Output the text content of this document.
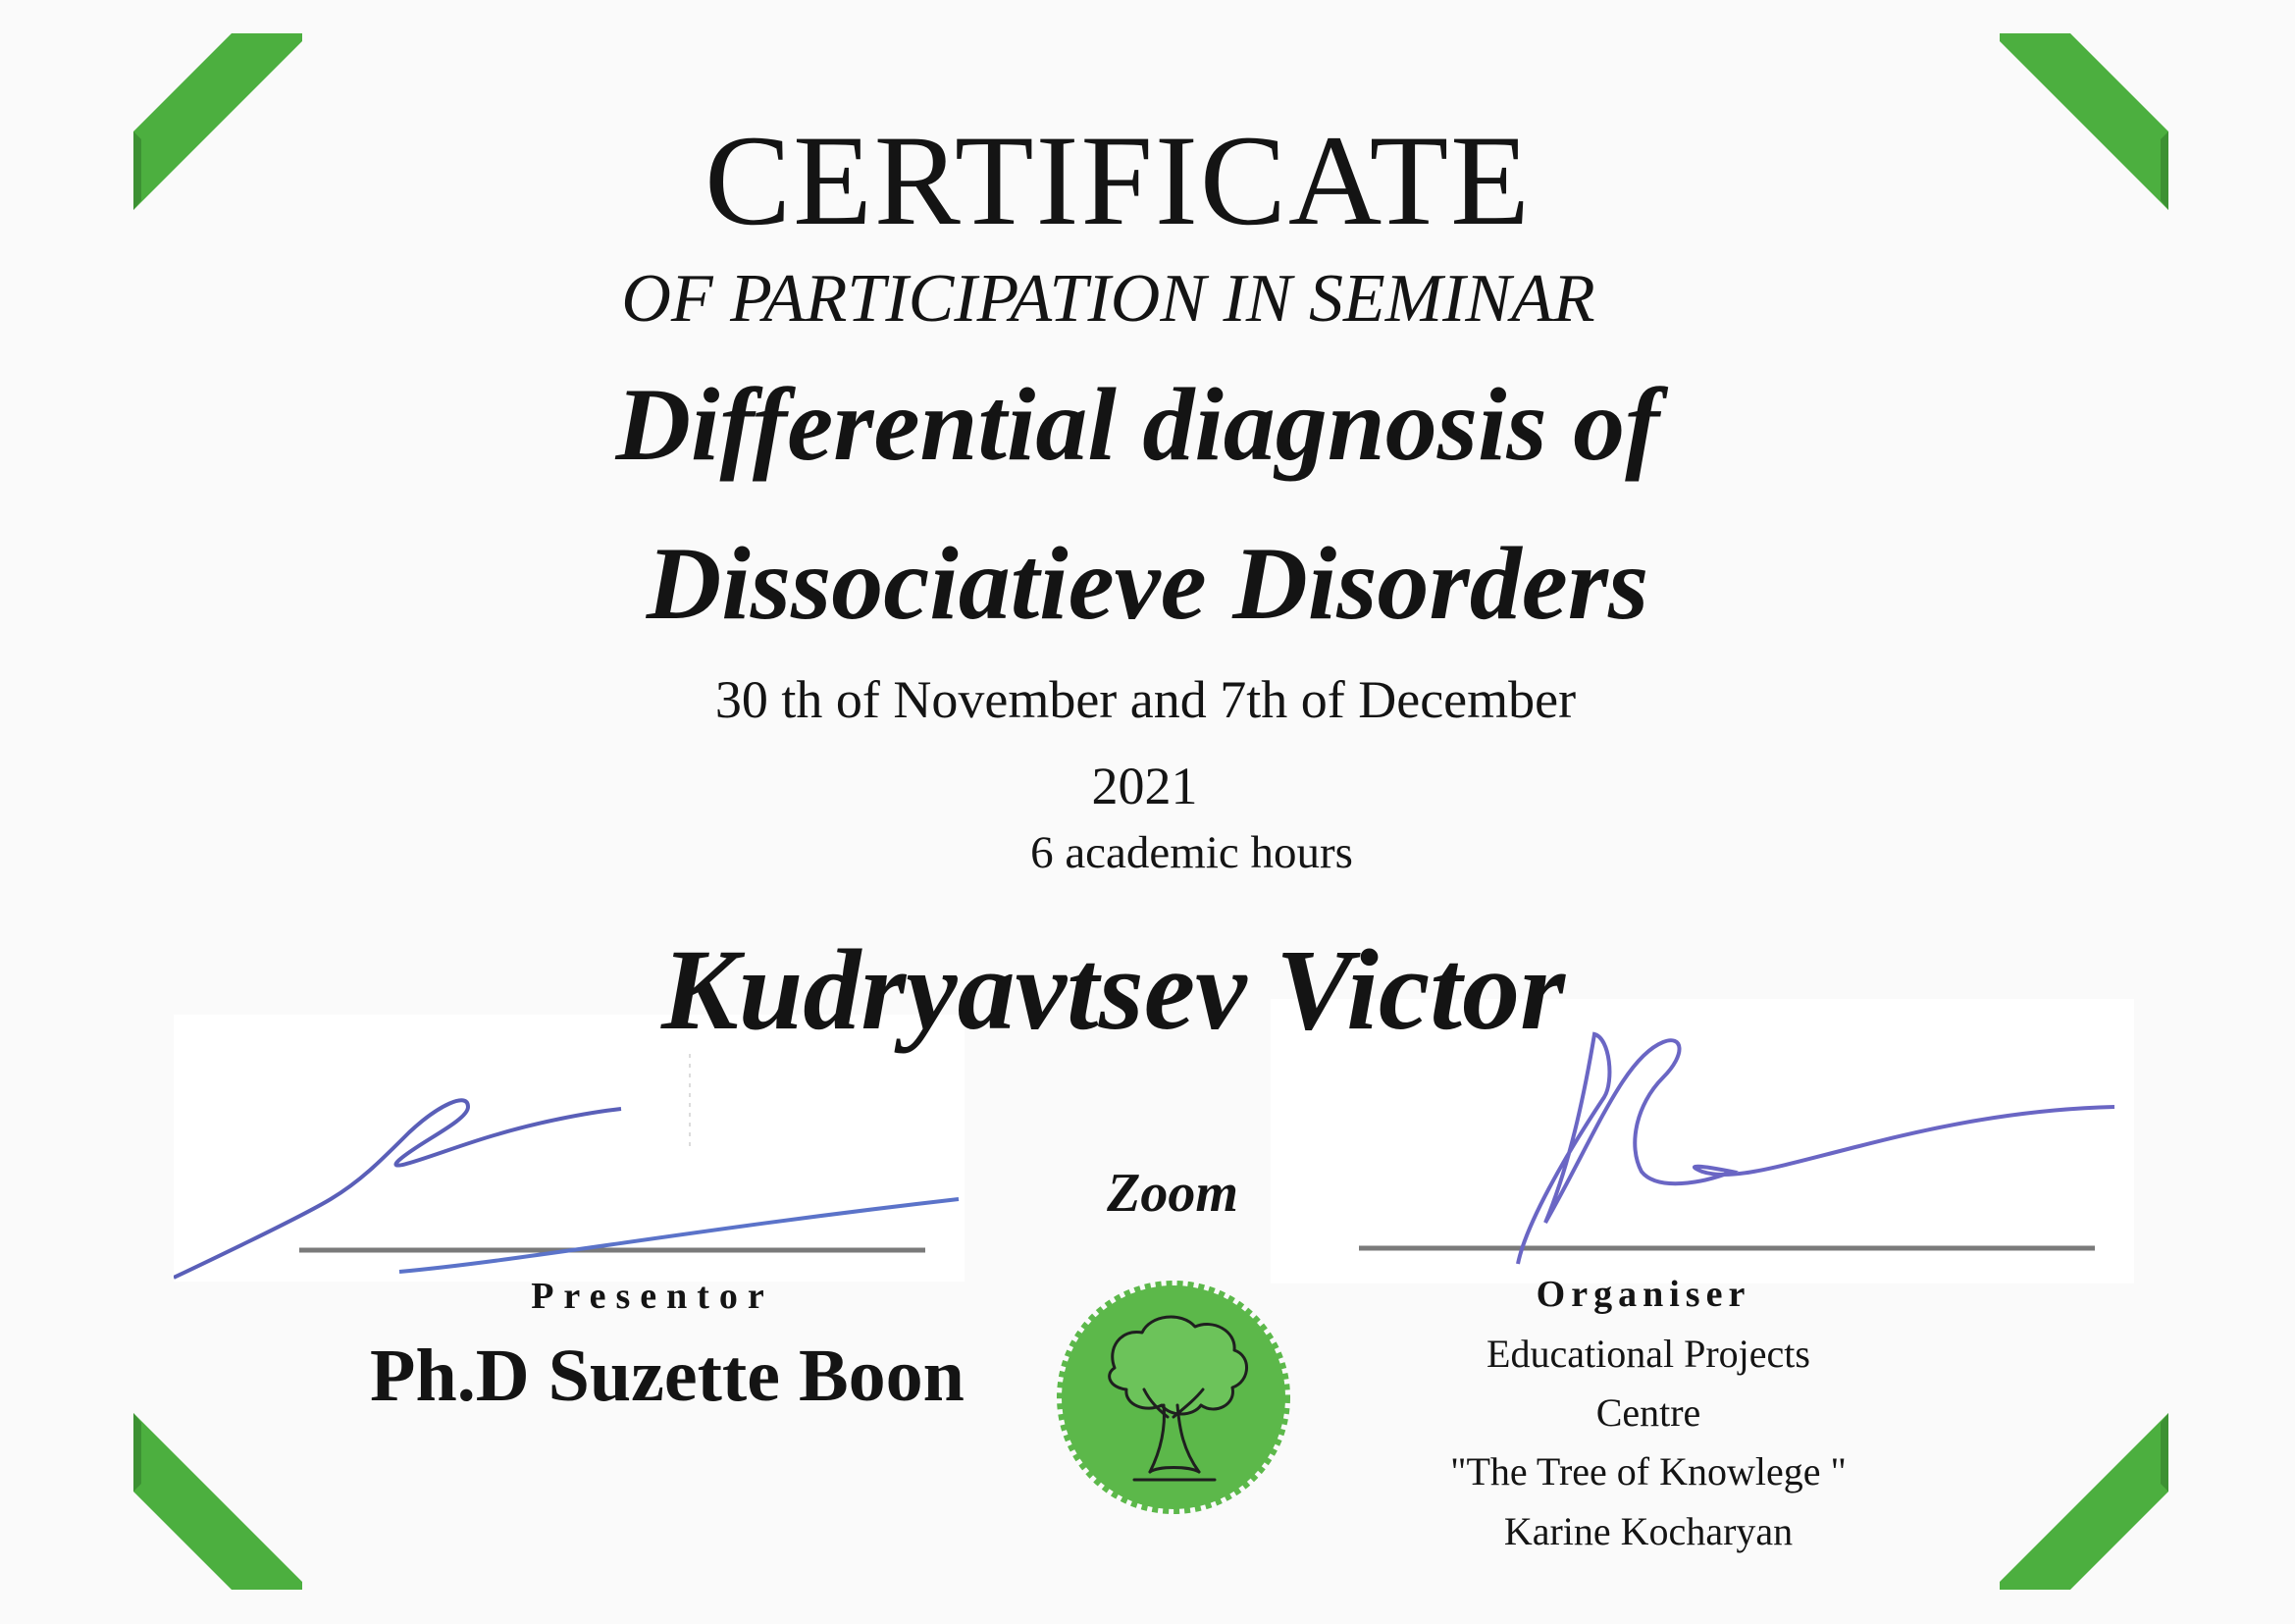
CERTIFICATE
OF PARTICIPATION IN SEMINAR
Differential diagnosis of
Dissociatieve Disorders
30 th of November and 7th of December
2021
6 academic hours
Kudryavtsev Victor
Zoom
Presentor
Ph.D Suzette Boon
Organiser
Educational Projects
Centre
"The Tree of Knowlege "
Karine Kocharyan
